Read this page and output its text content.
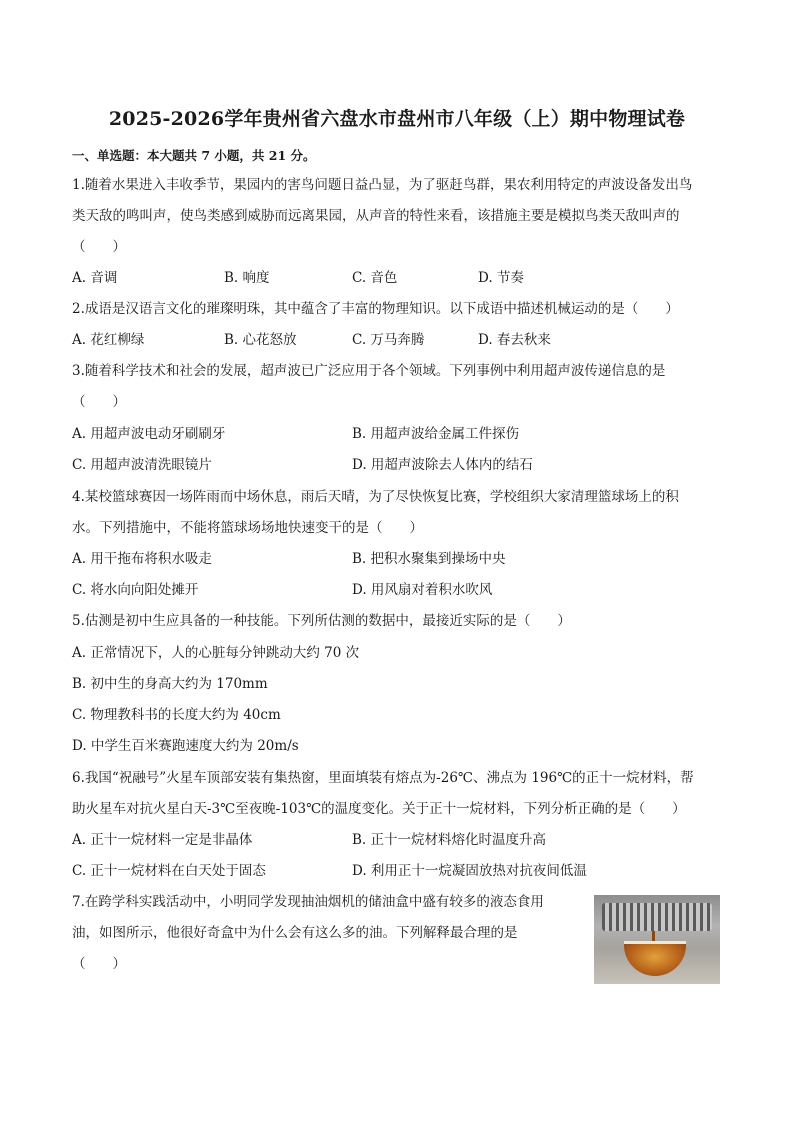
2025-2026学年贵州省六盘水市盘州市八年级（上）期中物理试卷
一、单选题：本大题共 7 小题，共 21 分。
1.随着水果进入丰收季节，果园内的害鸟问题日益凸显，为了驱赶鸟群，果农利用特定的声波设备发出鸟
类天敌的鸣叫声，使鸟类感到威胁而远离果园，从声音的特性来看，该措施主要是模拟鸟类天敌叫声的
（　　）
A. 音调	B. 响度	C. 音色	D. 节奏
2.成语是汉语言文化的璀璨明珠，其中蕴含了丰富的物理知识。以下成语中描述机械运动的是（　　）
A. 花红柳绿	B. 心花怒放	C. 万马奔腾	D. 春去秋来
3.随着科学技术和社会的发展，超声波已广泛应用于各个领域。下列事例中利用超声波传递信息的是
（　　）
A. 用超声波电动牙刷刷牙	B. 用超声波给金属工件探伤
C. 用超声波清洗眼镜片	D. 用超声波除去人体内的结石
4.某校篮球赛因一场阵雨而中场休息，雨后天晴，为了尽快恢复比赛，学校组织大家清理篮球场上的积
水。下列措施中，不能将篮球场场地快速变干的是（　　）
A. 用干拖布将积水吸走	B. 把积水聚集到操场中央
C. 将水向向阳处摊开	D. 用风扇对着积水吹风
5.估测是初中生应具备的一种技能。下列所估测的数据中，最接近实际的是（　　）
A. 正常情况下，人的心脏每分钟跳动大约 70 次
B. 初中生的身高大约为 170mm
C. 物理教科书的长度大约为 40cm
D. 中学生百米赛跑速度大约为 20m/s
6.我国“祝融号”火星车顶部安装有集热窗，里面填装有熔点为-26℃、沸点为 196℃的正十一烷材料，帮
助火星车对抗火星白天-3℃至夜晚-103℃的温度变化。关于正十一烷材料，下列分析正确的是（　　）
A. 正十一烷材料一定是非晶体	B. 正十一烷材料熔化时温度升高
C. 正十一烷材料在白天处于固态	D. 利用正十一烷凝固放热对抗夜间低温
7.在跨学科实践活动中，小明同学发现抽油烟机的储油盒中盛有较多的液态食用
油，如图所示，他很好奇盒中为什么会有这么多的油。下列解释最合理的是
（　　）
